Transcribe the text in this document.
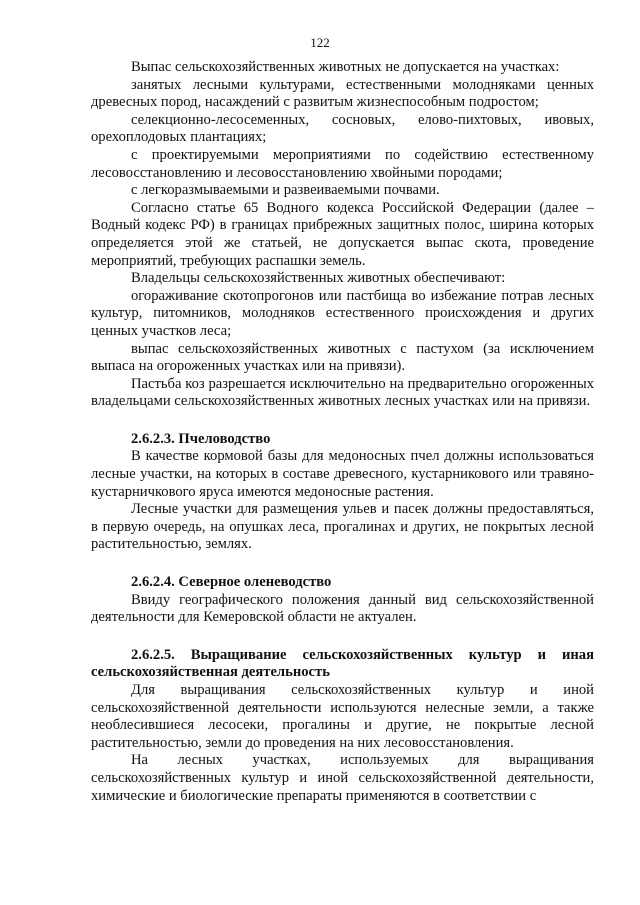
122

Выпас сельскохозяйственных животных не допускается на участках:

занятых лесными культурами, естественными молодняками ценных древесных пород, насаждений с развитым жизнеспособным подростом;

селекционно-лесосеменных, сосновых, елово-пихтовых, ивовых, орехоплодовых плантациях;

с проектируемыми мероприятиями по содействию естественному лесовосстановлению и лесовосстановлению хвойными породами;

с легкоразмываемыми и развеиваемыми почвами.

Согласно статье 65 Водного кодекса Российской Федерации (далее – Водный кодекс РФ) в границах прибрежных защитных полос, ширина которых определяется этой же статьей, не допускается выпас скота, проведение мероприятий, требующих распашки земель.

Владельцы сельскохозяйственных животных обеспечивают:

огораживание скотопрогонов или пастбища во избежание потрав лесных культур, питомников, молодняков естественного происхождения и других ценных участков леса;

выпас сельскохозяйственных животных с пастухом (за исключением выпаса на огороженных участках или на привязи).

Пастьба коз разрешается исключительно на предварительно огороженных владельцами сельскохозяйственных животных лесных участках или на привязи.

2.6.2.3. Пчеловодство

В качестве кормовой базы для медоносных пчел должны использоваться лесные участки, на которых в составе древесного, кустарникового или травяно-кустарничкового яруса имеются медоносные растения.

Лесные участки для размещения ульев и пасек должны предоставляться, в первую очередь, на опушках леса, прогалинах и других, не покрытых лесной растительностью, землях.

2.6.2.4. Северное оленеводство

Ввиду географического положения данный вид сельскохозяйственной деятельности для Кемеровской области не актуален.

2.6.2.5. Выращивание сельскохозяйственных культур и иная сельскохозяйственная деятельность

Для выращивания сельскохозяйственных культур и иной сельскохозяйственной деятельности используются нелесные земли, а также необлесившиеся лесосеки, прогалины и другие, не покрытые лесной растительностью, земли до проведения на них лесовосстановления.

На лесных участках, используемых для выращивания сельскохозяйственных культур и иной сельскохозяйственной деятельности, химические и биологические препараты применяются в соответствии с
